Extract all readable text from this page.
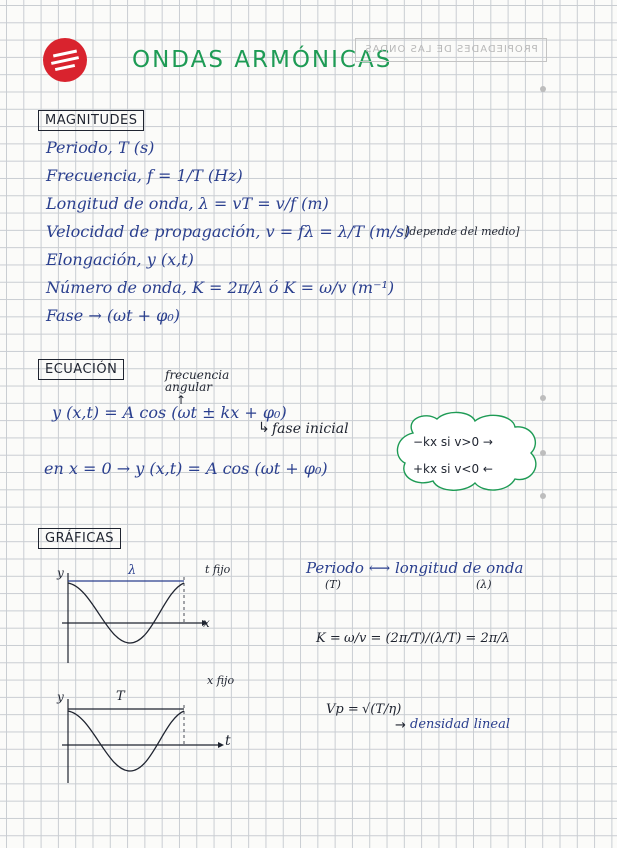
ONDAS ARMÓNICAS
PROPIEDADES DE LAS ONDAS
MAGNITUDES
Periodo, T (s)
Frecuencia, f = 1/T (Hz)
Longitud de onda, λ = vT = v/f (m)
Velocidad de propagación, v = fλ = λ/T (m/s)
[depende del medio]
Elongación, y (x,t)
Número de onda, K = 2π/λ ó K = ω/v (m⁻¹)
Fase → (ωt + φ₀)
ECUACIÓN	frecuencia angular
↑
y (x,t) = A cos (ωt ± kx + φ₀)
↳ fase inicial
en x = 0 → y (x,t) = A cos (ωt + φ₀)
−kx si v>0 →
+kx si v<0 ←
GRÁFICAS
y
x
λ	t fijo
y
t
T
x fijo
Periodo ⟷ longitud de onda
(T)	(λ)
K = ω/v = (2π/T)/(λ/T) = 2π/λ
Vp = √(T/η)
→ densidad lineal
